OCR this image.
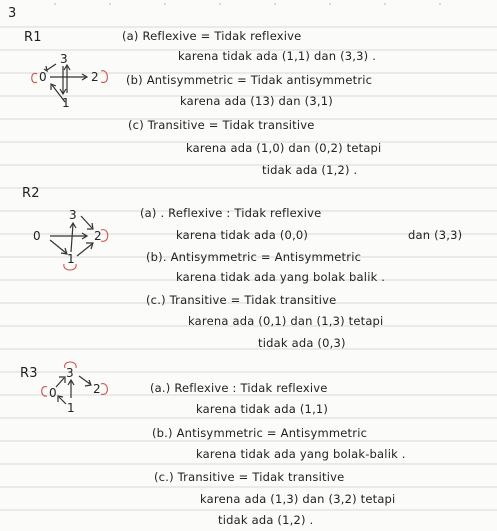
3
R1
0
1
2
3
(a) Reflexive = Tidak reflexive
karena tidak ada (1,1) dan (3,3) .
(b) Antisymmetric = Tidak antisymmetric
karena ada (13) dan (3,1)
(c) Transitive = Tidak transitive
karena ada (1,0) dan (0,2) tetapi
tidak ada (1,2) .
R2
0
1
2
3	(a) . Reflexive : Tidak reflexive
karena tidak ada (0,0)	dan (3,3)
(b). Antisymmetric = Antisymmetric
karena tidak ada yang bolak balik .
(c.) Transitive = Tidak transitive
karena ada (0,1) dan (1,3) tetapi
tidak ada (0,3)
R3
0
1
2
3
(a.) Reflexive : Tidak reflexive
karena tidak ada (1,1)
(b.) Antisymmetric = Antisymmetric
karena tidak ada yang bolak-balik .
(c.) Transitive = Tidak transitive
karena ada (1,3) dan (3,2) tetapi
tidak ada (1,2) .
